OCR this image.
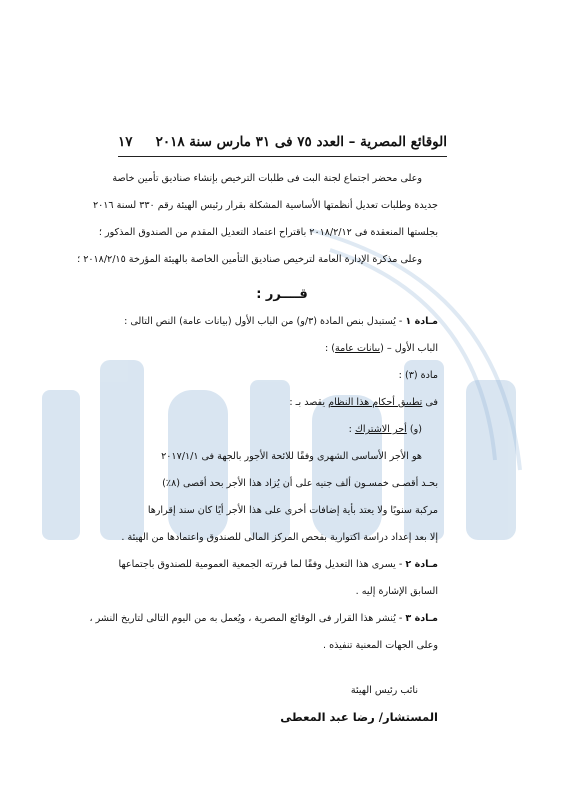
الوقائع المصرية – العدد ٧٥ فى ٣١ مارس سنة ٢٠١٨
١٧
وعلى محضر اجتماع لجنة البت فى طلبات الترخيص بإنشاء صناديق تأمين خاصة
جديدة وطلبات تعديل أنظمتها الأساسية المشكلة بقرار رئيس الهيئة رقم ٣٣٠ لسنة ٢٠١٦
بجلستها المنعقدة فى ٢٠١٨/٢/١٢ باقتراح اعتماد التعديل المقدم من الصندوق المذكور ؛
وعلى مذكرة الإدارة العامة لترخيص صناديق التأمين الخاصة بالهيئة المؤرخة ٢٠١٨/٢/١٥ ؛
قــــرر :
مـادة ١ - يُستبدل بنص المادة (٣/و) من الباب الأول (بيانات عامة) النص التالى :
الباب الأول – (بيانات عامة) :
مادة (٣) :
فى تطبيق أحكام هذا النظام يقصد بـ :
(و) أجر الاشتراك :
هو الأجر الأساسى الشهرى وفقًا للائحة الأجور بالجهة فى ٢٠١٧/١/١
بحـد أقصـى خمسـون ألف جنيه على أن يُزاد هذا الأجر بحد أقصى (٨٪)
مركبة سنويًا ولا يعتد بأية إضافات أخرى على هذا الأجر أيًا كان سند إقرارها
إلا بعد إعداد دراسة اكتوارية بفحص المركز المالى للصندوق واعتمادها من الهيئة .
مـادة ٢ - يسرى هذا التعديل وفقًا لما قررته الجمعية العمومية للصندوق باجتماعها
السابق الإشارة إليه .
مـادة ٣ - يُنشر هذا القرار فى الوقائع المصرية ، ويُعمل به من اليوم التالى لتاريخ النشر ،
وعلى الجهات المعنية تنفيذه .
نائب رئيس الهيئة
المستشار/ رضا عبد المعطى
